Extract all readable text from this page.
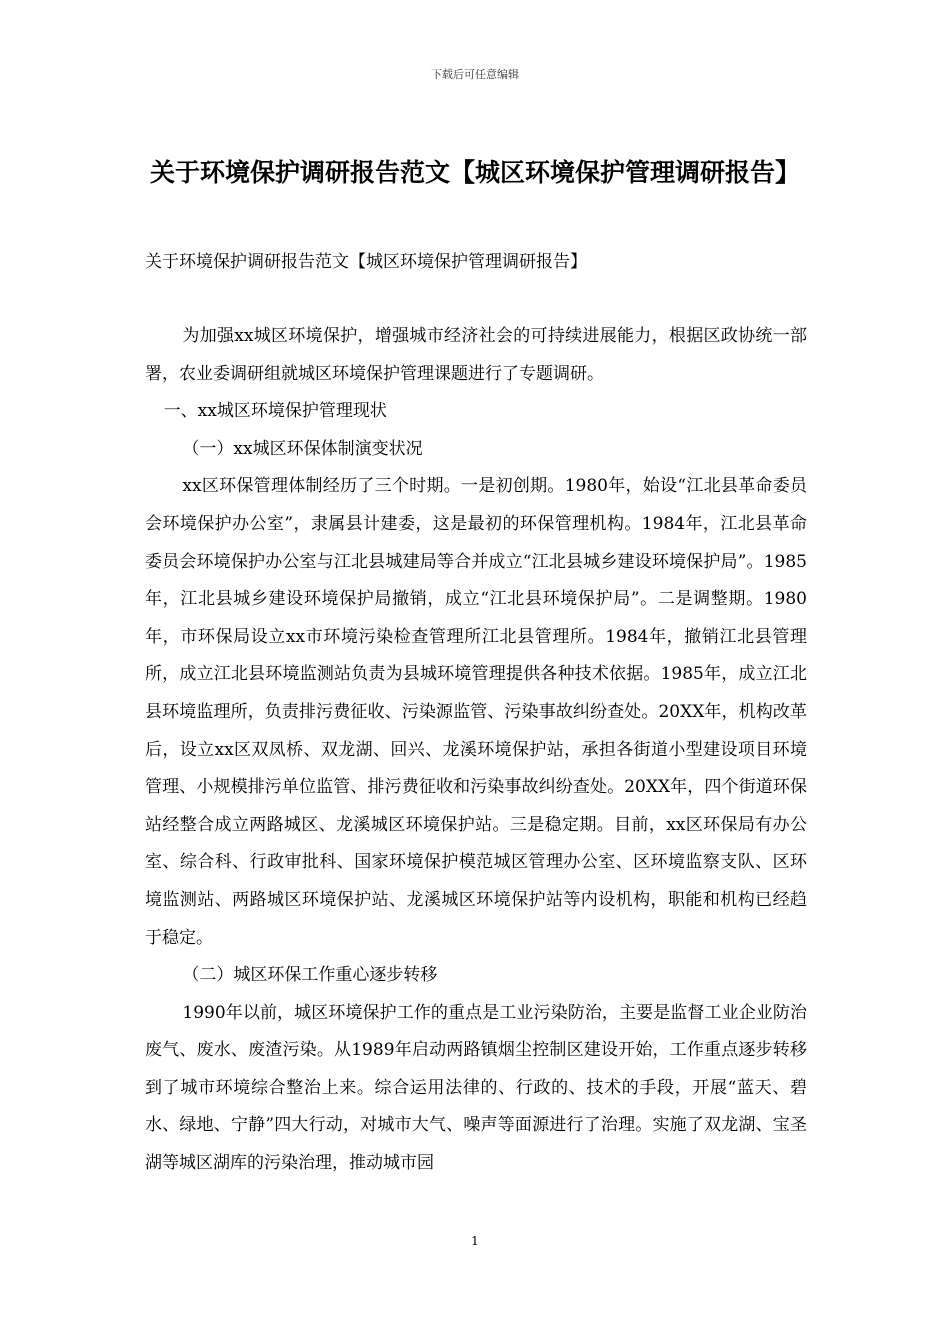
下载后可任意编辑
关于环境保护调研报告范文【城区环境保护管理调研报告】

关于环境保护调研报告范文【城区环境保护管理调研报告】

为加强xx城区环境保护，增强城市经济社会的可持续进展能力，根据区政协统一部署，农业委调研组就城区环境保护管理课题进行了专题调研。

一、xx城区环境保护管理现状

（一）xx城区环保体制演变状况

xx区环保管理体制经历了三个时期。一是初创期。1980年，始设“江北县革命委员会环境保护办公室”，隶属县计建委，这是最初的环保管理机构。1984年，江北县革命委员会环境保护办公室与江北县城建局等合并成立“江北县城乡建设环境保护局”。1985年，江北县城乡建设环境保护局撤销，成立“江北县环境保护局”。二是调整期。1980年，市环保局设立xx市环境污染检查管理所江北县管理所。1984年，撤销江北县管理所，成立江北县环境监测站负责为县城环境管理提供各种技术依据。1985年，成立江北县环境监理所，负责排污费征收、污染源监管、污染事故纠纷查处。20XX年，机构改革后，设立xx区双凤桥、双龙湖、回兴、龙溪环境保护站，承担各街道小型建设项目环境管理、小规模排污单位监管、排污费征收和污染事故纠纷查处。20XX年，四个街道环保站经整合成立两路城区、龙溪城区环境保护站。三是稳定期。目前，xx区环保局有办公室、综合科、行政审批科、国家环境保护模范城区管理办公室、区环境监察支队、区环境监测站、两路城区环境保护站、龙溪城区环境保护站等内设机构，职能和机构已经趋于稳定。

（二）城区环保工作重心逐步转移

1990年以前，城区环境保护工作的重点是工业污染防治，主要是监督工业企业防治废气、废水、废渣污染。从1989年启动两路镇烟尘控制区建设开始，工作重点逐步转移到了城市环境综合整治上来。综合运用法律的、行政的、技术的手段，开展“蓝天、碧水、绿地、宁静”四大行动，对城市大气、噪声等面源进行了治理。实施了双龙湖、宝圣湖等城区湖库的污染治理，推动城市园

1
